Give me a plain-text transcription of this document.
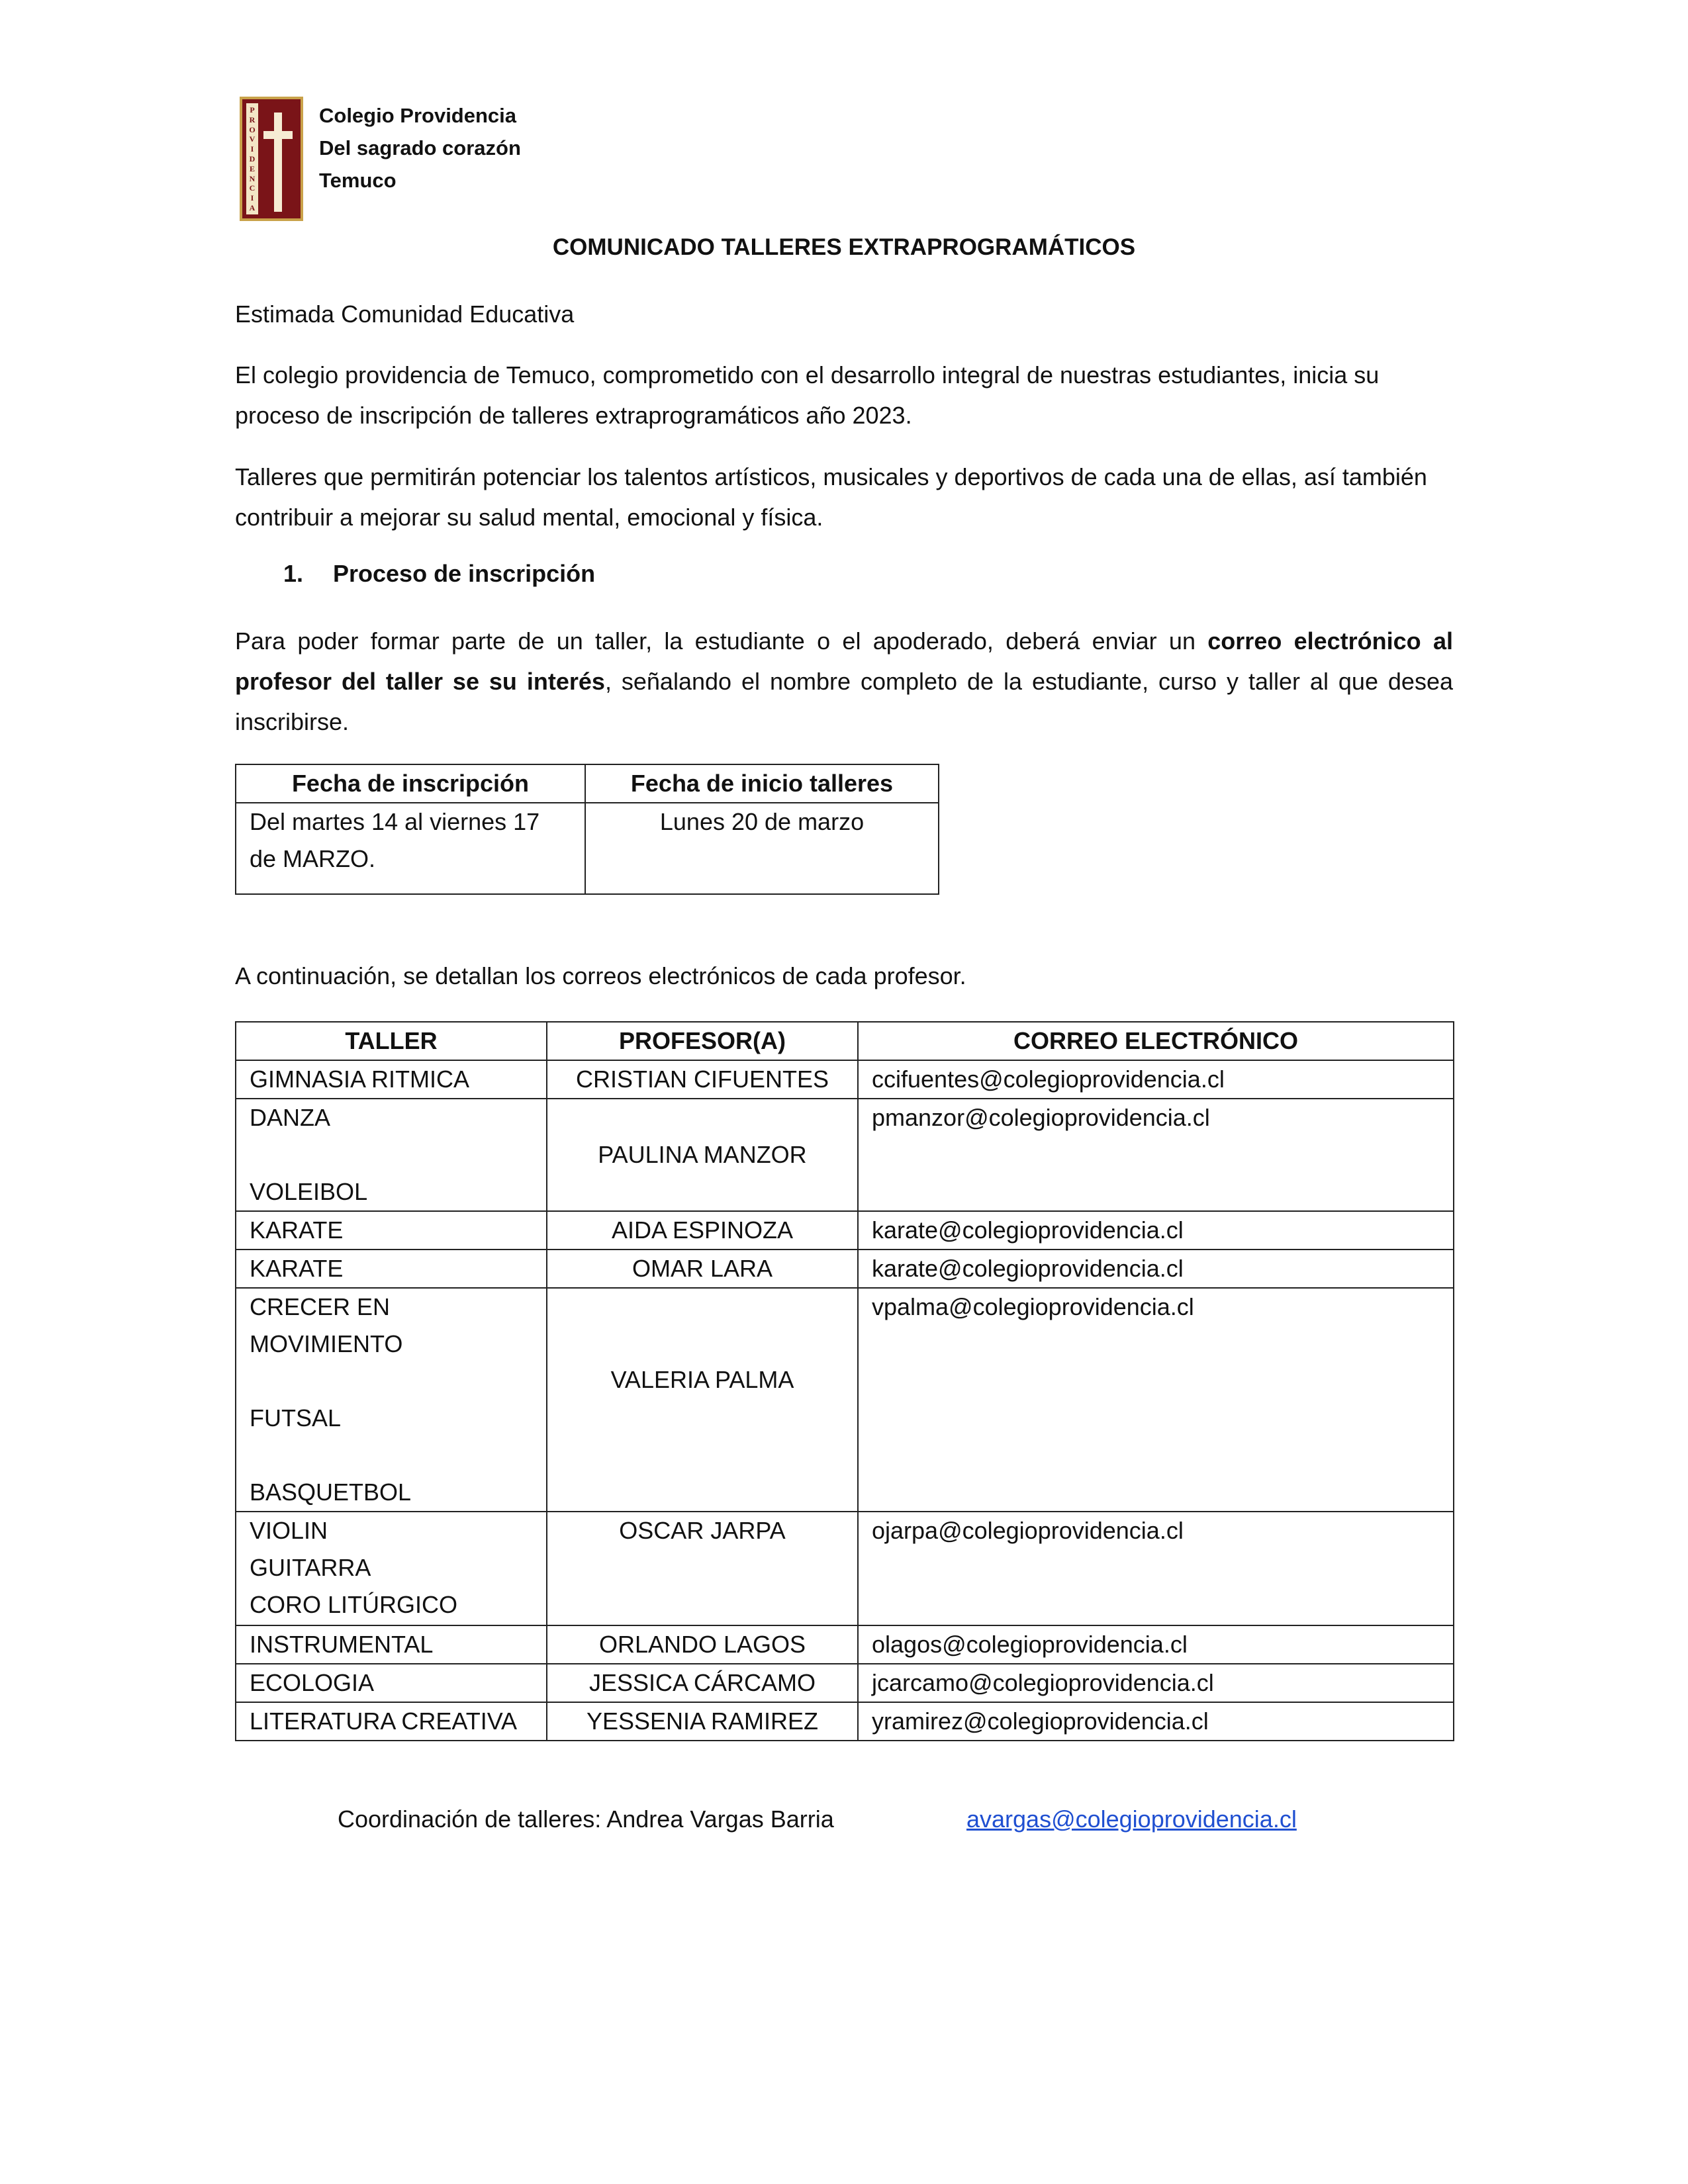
P
R
O
V
I
D
E
N
C
I
A
Colegio Providencia
Del sagrado corazón
Temuco
COMUNICADO TALLERES EXTRAPROGRAMÁTICOS
Estimada Comunidad Educativa
El colegio providencia de Temuco, comprometido con el desarrollo integral de nuestras estudiantes, inicia su proceso de inscripción de talleres extraprogramáticos año 2023.
Talleres que permitirán potenciar los talentos artísticos, musicales y deportivos de cada una de ellas, así también contribuir a mejorar su salud mental, emocional y física.
1. Proceso de inscripción
Para poder formar parte de un taller, la estudiante o el apoderado, deberá enviar un correo electrónico al profesor del taller se su interés, señalando el nombre completo de la estudiante, curso y taller al que desea inscribirse.
Fecha de inscripción	Fecha de inicio talleres
Del martes 14 al viernes 17 de MARZO.	Lunes 20 de marzo
A continuación, se detallan los correos electrónicos de cada profesor.
TALLER	PROFESOR(A)	CORREO ELECTRÓNICO
GIMNASIA RITMICA	CRISTIAN CIFUENTES	ccifuentes@colegioprovidencia.cl

DANZA
VOLEIBOL	PAULINA MANZOR	pmanzor@colegioprovidencia.cl
KARATE	AIDA ESPINOZA	karate@colegioprovidencia.cl
KARATE	OMAR LARA	karate@colegioprovidencia.cl

CRECER EN
MOVIMIENTO
FUTSAL
BASQUETBOL	VALERIA PALMA	vpalma@colegioprovidencia.cl

VIOLIN
GUITARRA
CORO LITÚRGICO	OSCAR JARPA	ojarpa@colegioprovidencia.cl
INSTRUMENTAL	ORLANDO LAGOS	olagos@colegioprovidencia.cl
ECOLOGIA	JESSICA CÁRCAMO	jcarcamo@colegioprovidencia.cl
LITERATURA CREATIVA	YESSENIA RAMIREZ	yramirez@colegioprovidencia.cl
Coordinación de talleres: Andrea Vargas Barria	avargas@colegioprovidencia.cl
